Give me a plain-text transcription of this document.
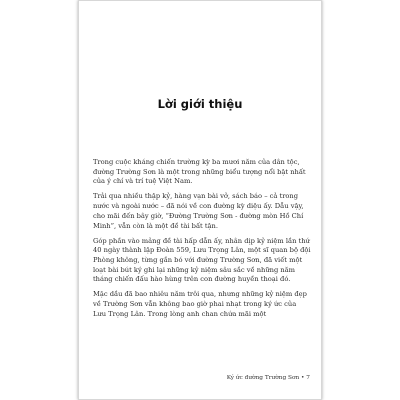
Lời giới thiệu

Trong cuộc kháng chiến trường kỳ ba mươi năm của dân tộc, đường Trường Sơn là một trong những biểu tượng nổi bật nhất của ý chí và trí tuệ Việt Nam.

Trải qua nhiều thập kỷ, hàng vạn bài vở, sách báo – cả trong nước và ngoài nước – đã nói về con đường kỳ diệu ấy. Dẫu vậy, cho mãi đến bây giờ, “Đường Trường Sơn - đường mòn Hồ Chí Minh”, vẫn còn là một đề tài bất tận.

Góp phần vào mảng đề tài hấp dẫn ấy, nhân dịp kỷ niệm lần thứ 40 ngày thành lập Đoàn 559, Lưu Trọng Lân, một sĩ quan bộ đội Phòng không, từng gắn bó với đường Trường Sơn, đã viết một loạt bài bút ký ghi lại những kỷ niệm sâu sắc về những năm tháng chiến đấu hào hùng trên con đường huyền thoại đó.

Mặc dầu đã bao nhiêu năm trôi qua, nhưng những kỷ niệm đẹp về Trường Sơn vẫn không bao giờ phai nhạt trong ký ức của Lưu Trọng Lân. Trong lòng anh chan chứa mãi một

Ký ức đường Trường Sơn • 7
